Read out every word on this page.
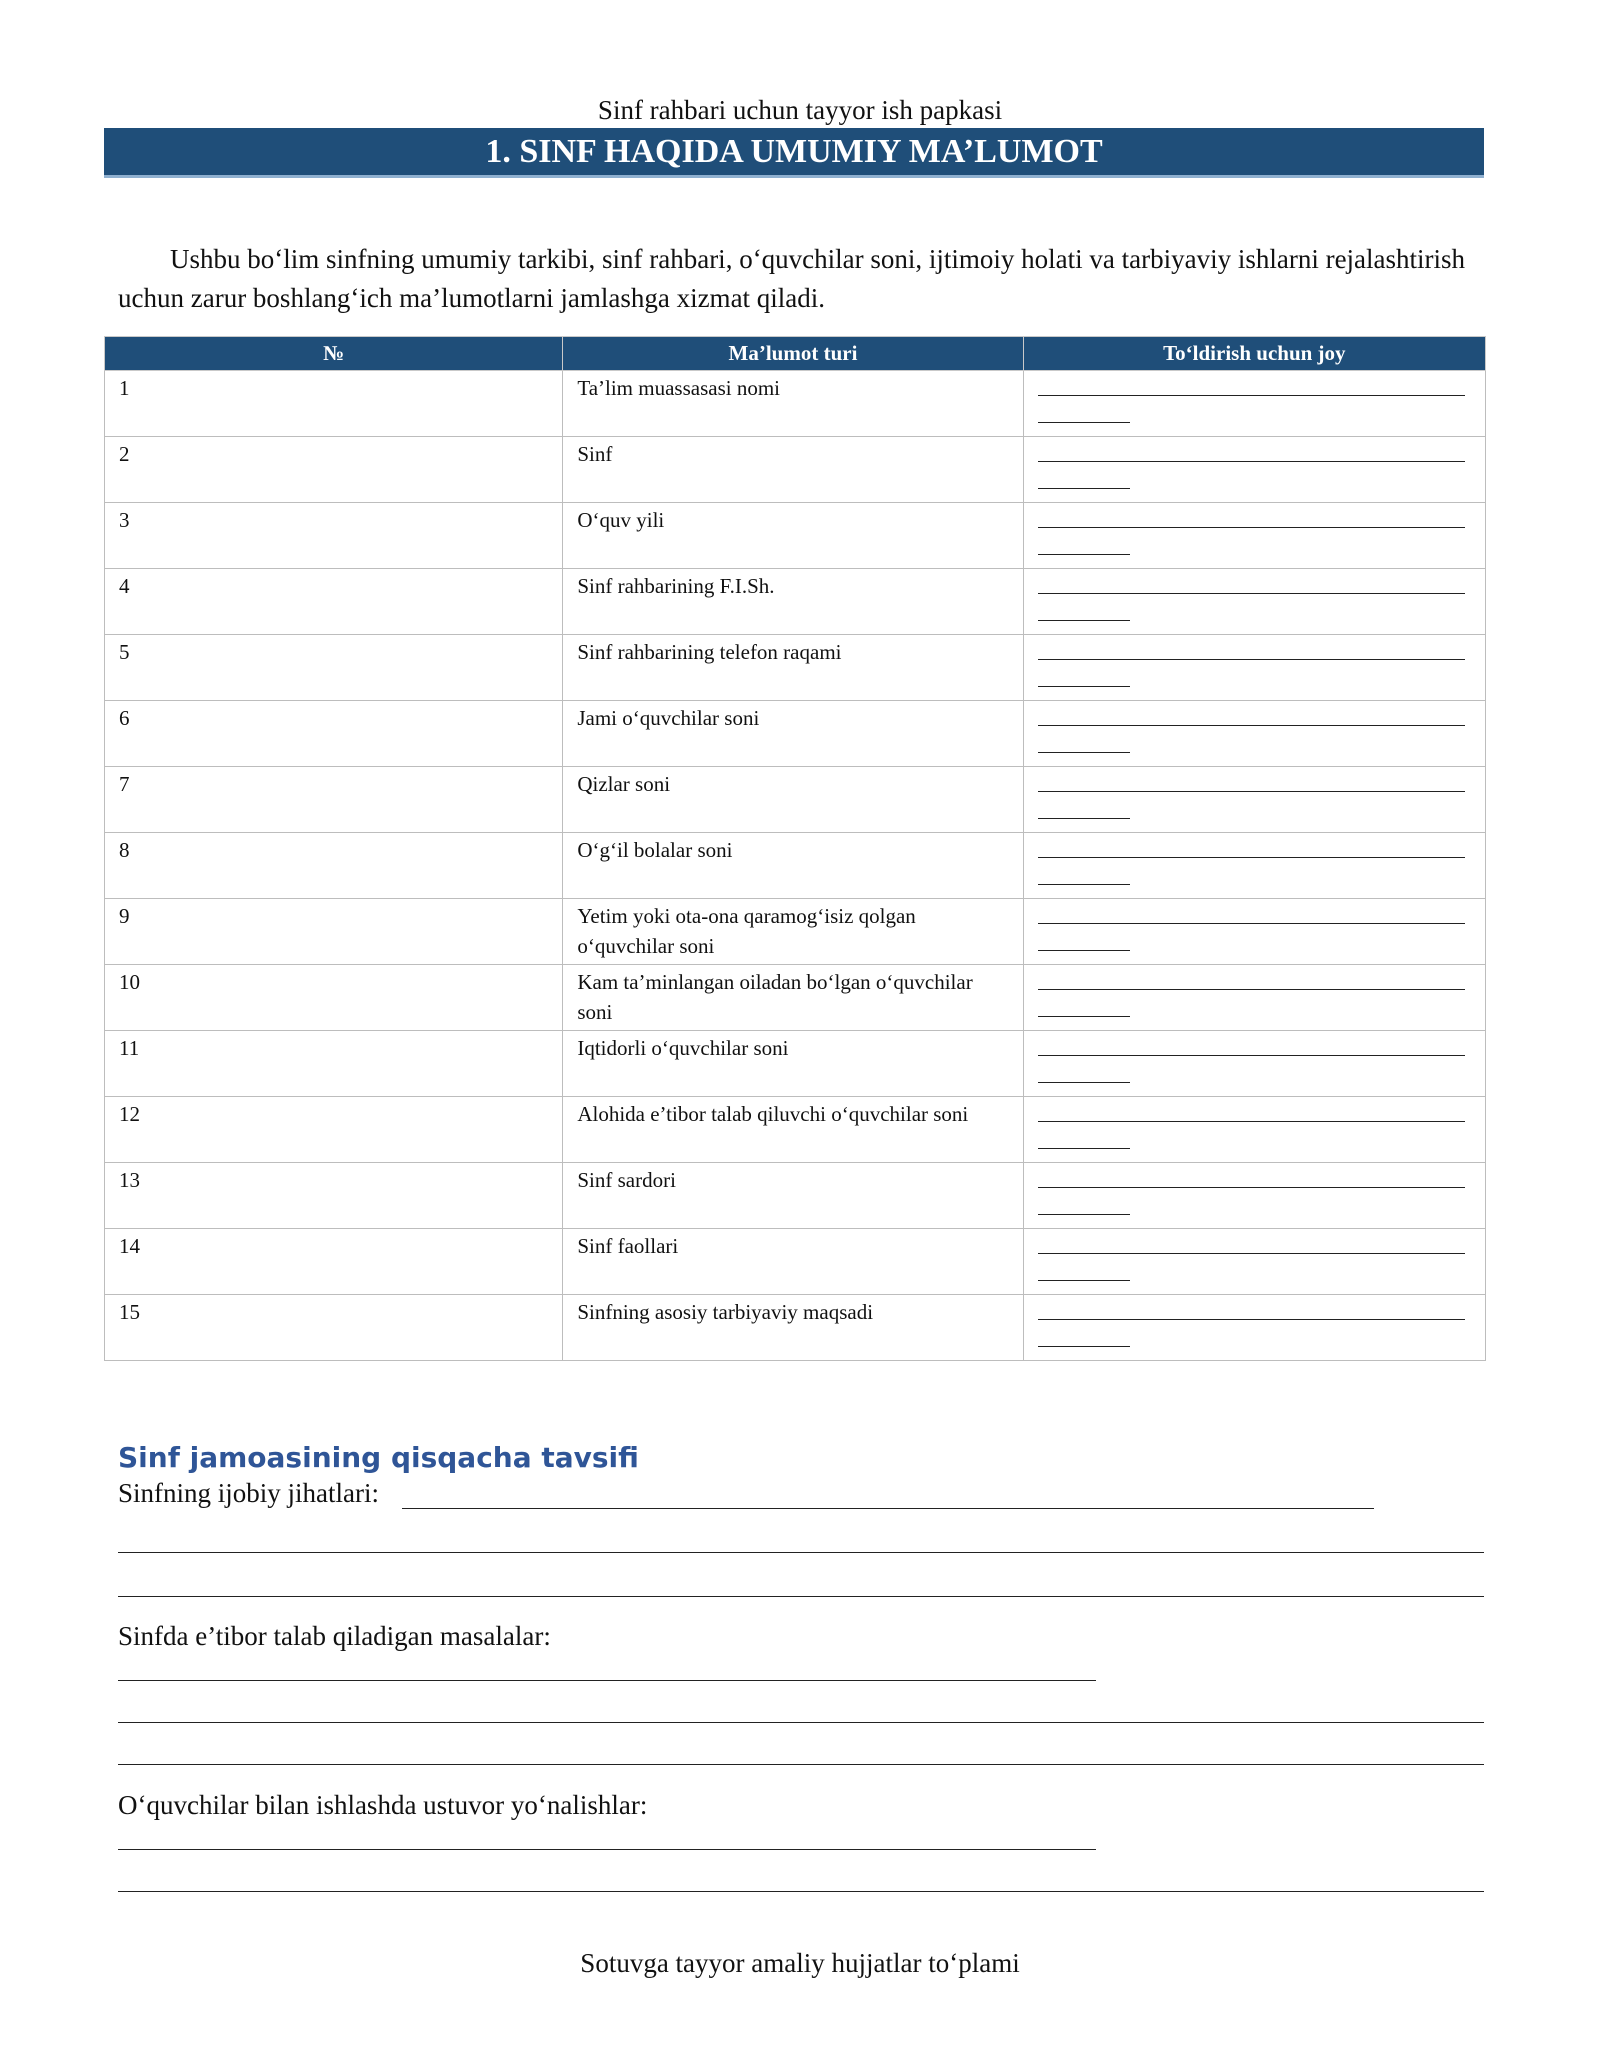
Sinf rahbari uchun tayyor ish papkasi
1. SINF HAQIDA UMUMIY MA’LUMOT

Ushbu bo‘lim sinfning umumiy tarkibi, sinf rahbari, o‘quvchilar soni, ijtimoiy holati va tarbiyaviy ishlarni rejalashtirish uchun zarur boshlang‘ich ma’lumotlarni jamlashga xizmat qiladi.

№	Ma’lumot turi	To‘ldirish uchun joy
1	Ta’lim muassasasi nomi	

2	Sinf	

3	O‘quv yili	

4	Sinf rahbarining F.I.Sh.	

5	Sinf rahbarining telefon raqami	

6	Jami o‘quvchilar soni	

7	Qizlar soni	

8	O‘g‘il bolalar soni	

9	Yetim yoki ota-ona qaramog‘isiz qolgan o‘quvchilar soni	

10	Kam ta’minlangan oiladan bo‘lgan o‘quvchilar soni	

11	Iqtidorli o‘quvchilar soni	

12	Alohida e’tibor talab qiluvchi o‘quvchilar soni	

13	Sinf sardori	

14	Sinf faollari	

15	Sinfning asosiy tarbiyaviy maqsadi	
Sinf jamoasining qisqacha tavsifi
Sinfning ijobiy jihatlari:
Sinfda e’tibor talab qiladigan masalalar:
O‘quvchilar bilan ishlashda ustuvor yo‘nalishlar:
Sotuvga tayyor amaliy hujjatlar to‘plami
